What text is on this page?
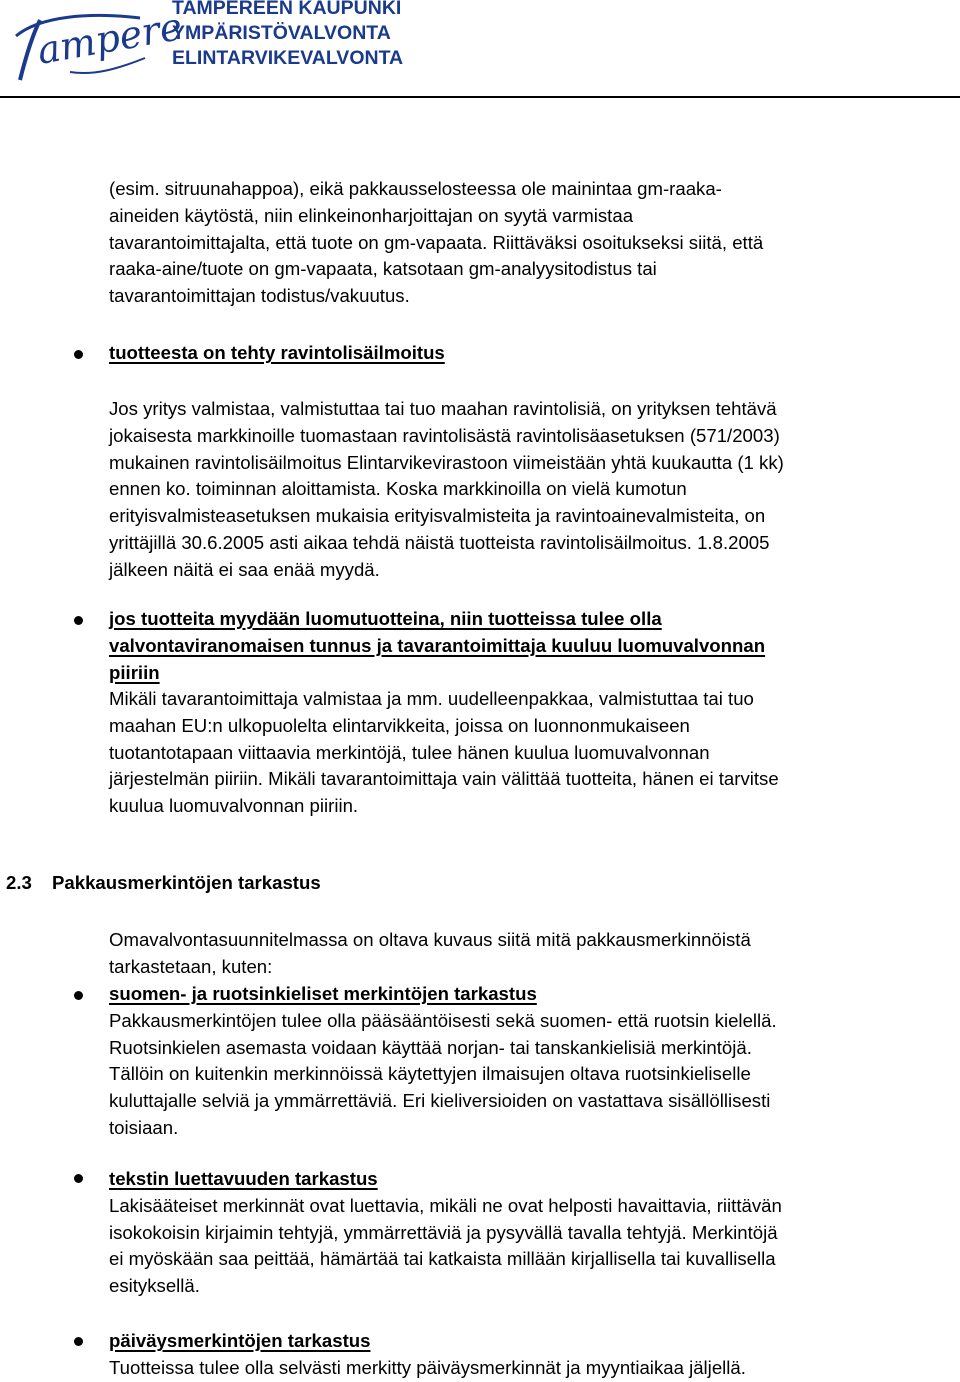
ampere
TAMPEREEN KAUPUNKI
YMPÄRISTÖVALVONTA
ELINTARVIKEVALVONTA
(esim. sitruunahappoa), eikä pakkausselosteessa ole mainintaa gm-raaka-
aineiden käytöstä, niin elinkeinonharjoittajan on syytä varmistaa
tavarantoimittajalta, että tuote on gm-vapaata. Riittäväksi osoitukseksi siitä, että
raaka-aine/tuote on gm-vapaata, katsotaan gm-analyysitodistus tai
tavarantoimittajan todistus/vakuutus.
tuotteesta on tehty ravintolisäilmoitus
Jos yritys valmistaa, valmistuttaa tai tuo maahan ravintolisiä, on yrityksen tehtävä
jokaisesta markkinoille tuomastaan ravintolisästä ravintolisäasetuksen (571/2003)
mukainen ravintolisäilmoitus Elintarvikevirastoon viimeistään yhtä kuukautta (1 kk)
ennen ko. toiminnan aloittamista. Koska markkinoilla on vielä kumotun
erityisvalmisteasetuksen mukaisia erityisvalmisteita ja ravintoainevalmisteita, on
yrittäjillä 30.6.2005 asti aikaa tehdä näistä tuotteista ravintolisäilmoitus. 1.8.2005
jälkeen näitä ei saa enää myydä.
jos tuotteita myydään luomutuotteina, niin tuotteissa tulee olla
valvontaviranomaisen tunnus ja tavarantoimittaja kuuluu luomuvalvonnan
piiriin
Mikäli tavarantoimittaja valmistaa ja mm. uudelleenpakkaa, valmistuttaa tai tuo
maahan EU:n ulkopuolelta elintarvikkeita, joissa on luonnonmukaiseen
tuotantotapaan viittaavia merkintöjä, tulee hänen kuulua luomuvalvonnan
järjestelmän piiriin. Mikäli tavarantoimittaja vain välittää tuotteita, hänen ei tarvitse
kuulua luomuvalvonnan piiriin.
2.3 Pakkausmerkintöjen tarkastus
Omavalvontasuunnitelmassa on oltava kuvaus siitä mitä pakkausmerkinnöistä
tarkastetaan, kuten:
suomen- ja ruotsinkieliset merkintöjen tarkastus
Pakkausmerkintöjen tulee olla pääsääntöisesti sekä suomen- että ruotsin kielellä.
Ruotsinkielen asemasta voidaan käyttää norjan- tai tanskankielisiä merkintöjä.
Tällöin on kuitenkin merkinnöissä käytettyjen ilmaisujen oltava ruotsinkieliselle
kuluttajalle selviä ja ymmärrettäviä. Eri kieliversioiden on vastattava sisällöllisesti
toisiaan.
tekstin luettavuuden tarkastus
Lakisääteiset merkinnät ovat luettavia, mikäli ne ovat helposti havaittavia, riittävän
isokokoisin kirjaimin tehtyjä, ymmärrettäviä ja pysyvällä tavalla tehtyjä. Merkintöjä
ei myöskään saa peittää, hämärtää tai katkaista millään kirjallisella tai kuvallisella
esityksellä.
päiväysmerkintöjen tarkastus
Tuotteissa tulee olla selvästi merkitty päiväysmerkinnät ja myyntiaikaa jäljellä.
